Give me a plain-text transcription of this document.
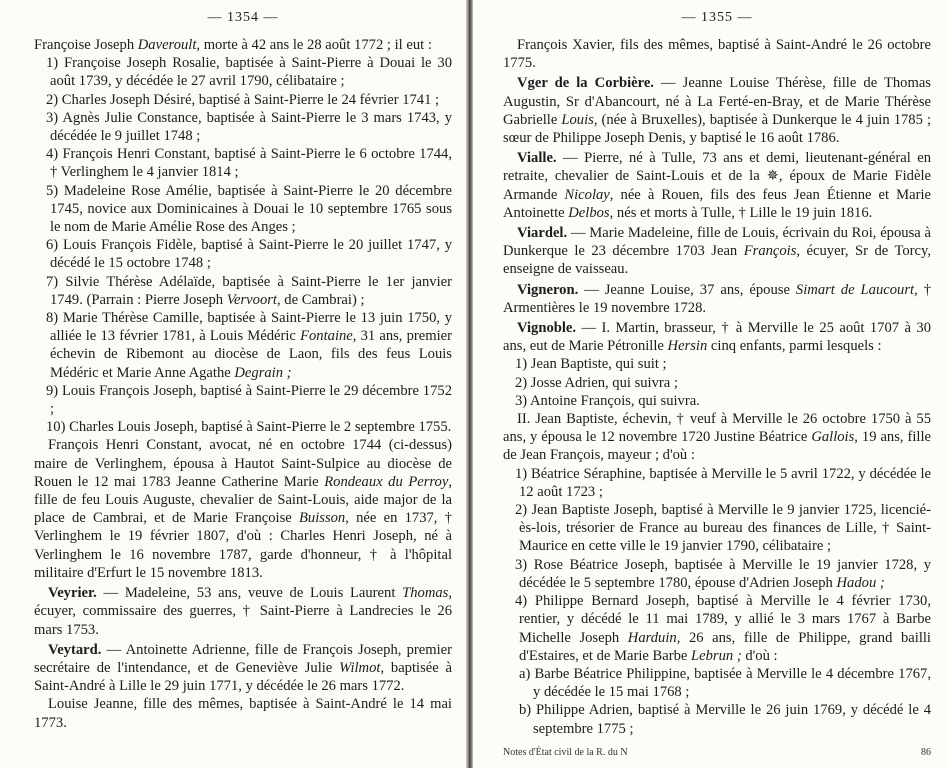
— 1354 —

Françoise Joseph Daveroult, morte à 42 ans le 28 août 1772 ; il eut :

1) Françoise Joseph Rosalie, baptisée à Saint-Pierre à Douai le 30 août 1739, y décédée le 27 avril 1790, célibataire ;

2) Charles Joseph Désiré, baptisé à Saint-Pierre le 24 février 1741 ;

3) Agnès Julie Constance, baptisée à Saint-Pierre le 3 mars 1743, y décédée le 9 juillet 1748 ;

4) François Henri Constant, baptisé à Saint-Pierre le 6 octobre 1744, † Verlinghem le 4 janvier 1814 ;

5) Madeleine Rose Amélie, baptisée à Saint-Pierre le 20 décembre 1745, novice aux Dominicaines à Douai le 10 septembre 1765 sous le nom de Marie Amélie Rose des Anges ;

6) Louis François Fidèle, baptisé à Saint-Pierre le 20 juillet 1747, y décédé le 15 octobre 1748 ;

7) Silvie Thérèse Adélaïde, baptisée à Saint-Pierre le 1er janvier 1749. (Parrain : Pierre Joseph Vervoort, de Cambrai) ;

8) Marie Thérèse Camille, baptisée à Saint-Pierre le 13 juin 1750, y alliée le 13 février 1781, à Louis Médéric Fontaine, 31 ans, premier échevin de Ribemont au diocèse de Laon, fils des feus Louis Médéric et Marie Anne Agathe Degrain ;

9) Louis François Joseph, baptisé à Saint-Pierre le 29 décembre 1752 ;

10) Charles Louis Joseph, baptisé à Saint-Pierre le 2 septembre 1755.

François Henri Constant, avocat, né en octobre 1744 (ci-dessus) maire de Verlinghem, épousa à Hautot Saint-Sulpice au diocèse de Rouen le 12 mai 1783 Jeanne Catherine Marie Rondeaux du Perroy, fille de feu Louis Auguste, chevalier de Saint-Louis, aide major de la place de Cambrai, et de Marie Françoise Buisson, née en 1737, † Verlinghem le 19 février 1807, d'où : Charles Henri Joseph, né à Verlinghem le 16 novembre 1787, garde d'honneur, † à l'hôpital militaire d'Erfurt le 15 novembre 1813.

Veyrier. — Madeleine, 53 ans, veuve de Louis Laurent Thomas, écuyer, commissaire des guerres, † Saint-Pierre à Landrecies le 26 mars 1753.

Veytard. — Antoinette Adrienne, fille de François Joseph, premier secrétaire de l'intendance, et de Geneviève Julie Wilmot, baptisée à Saint-André à Lille le 29 juin 1771, y décédée le 26 mars 1772.

Louise Jeanne, fille des mêmes, baptisée à Saint-André le 14 mai 1773.

— 1355 —

François Xavier, fils des mêmes, baptisé à Saint-André le 26 octobre 1775.

Vger de la Corbière. — Jeanne Louise Thérèse, fille de Thomas Augustin, Sr d'Abancourt, né à La Ferté-en-Bray, et de Marie Thérèse Gabrielle Louis, (née à Bruxelles), baptisée à Dunkerque le 4 juin 1785 ; sœur de Philippe Joseph Denis, y baptisé le 16 août 1786.

Vialle. — Pierre, né à Tulle, 73 ans et demi, lieutenant-général en retraite, chevalier de Saint-Louis et de la ✵, époux de Marie Fidèle Armande Nicolay, née à Rouen, fils des feus Jean Étienne et Marie Antoinette Delbos, nés et morts à Tulle, † Lille le 19 juin 1816.

Viardel. — Marie Madeleine, fille de Louis, écrivain du Roi, épousa à Dunkerque le 23 décembre 1703 Jean François, écuyer, Sr de Torcy, enseigne de vaisseau.

Vigneron. — Jeanne Louise, 37 ans, épouse Simart de Laucourt, † Armentières le 19 novembre 1728.

Vignoble. — I. Martin, brasseur, † à Merville le 25 août 1707 à 30 ans, eut de Marie Pétronille Hersin cinq enfants, parmi lesquels :

1) Jean Baptiste, qui suit ;

2) Josse Adrien, qui suivra ;

3) Antoine François, qui suivra.

II. Jean Baptiste, échevin, † veuf à Merville le 26 octobre 1750 à 55 ans, y épousa le 12 novembre 1720 Justine Béatrice Gallois, 19 ans, fille de Jean François, mayeur ; d'où :

1) Béatrice Séraphine, baptisée à Merville le 5 avril 1722, y décédée le 12 août 1723 ;

2) Jean Baptiste Joseph, baptisé à Merville le 9 janvier 1725, licencié-ès-lois, trésorier de France au bureau des finances de Lille, † Saint-Maurice en cette ville le 19 janvier 1790, célibataire ;

3) Rose Béatrice Joseph, baptisée à Merville le 19 janvier 1728, y décédée le 5 septembre 1780, épouse d'Adrien Joseph Hadou ;

4) Philippe Bernard Joseph, baptisé à Merville le 4 février 1730, rentier, y décédé le 11 mai 1789, y allié le 3 mars 1767 à Barbe Michelle Joseph Harduin, 26 ans, fille de Philippe, grand bailli d'Estaires, et de Marie Barbe Lebrun ; d'où :

a) Barbe Béatrice Philippine, baptisée à Merville le 4 décembre 1767, y décédée le 15 mai 1768 ;

b) Philippe Adrien, baptisé à Merville le 26 juin 1769, y décédé le 4 septembre 1775 ;

Notes d'État civil de la R. du N	86
